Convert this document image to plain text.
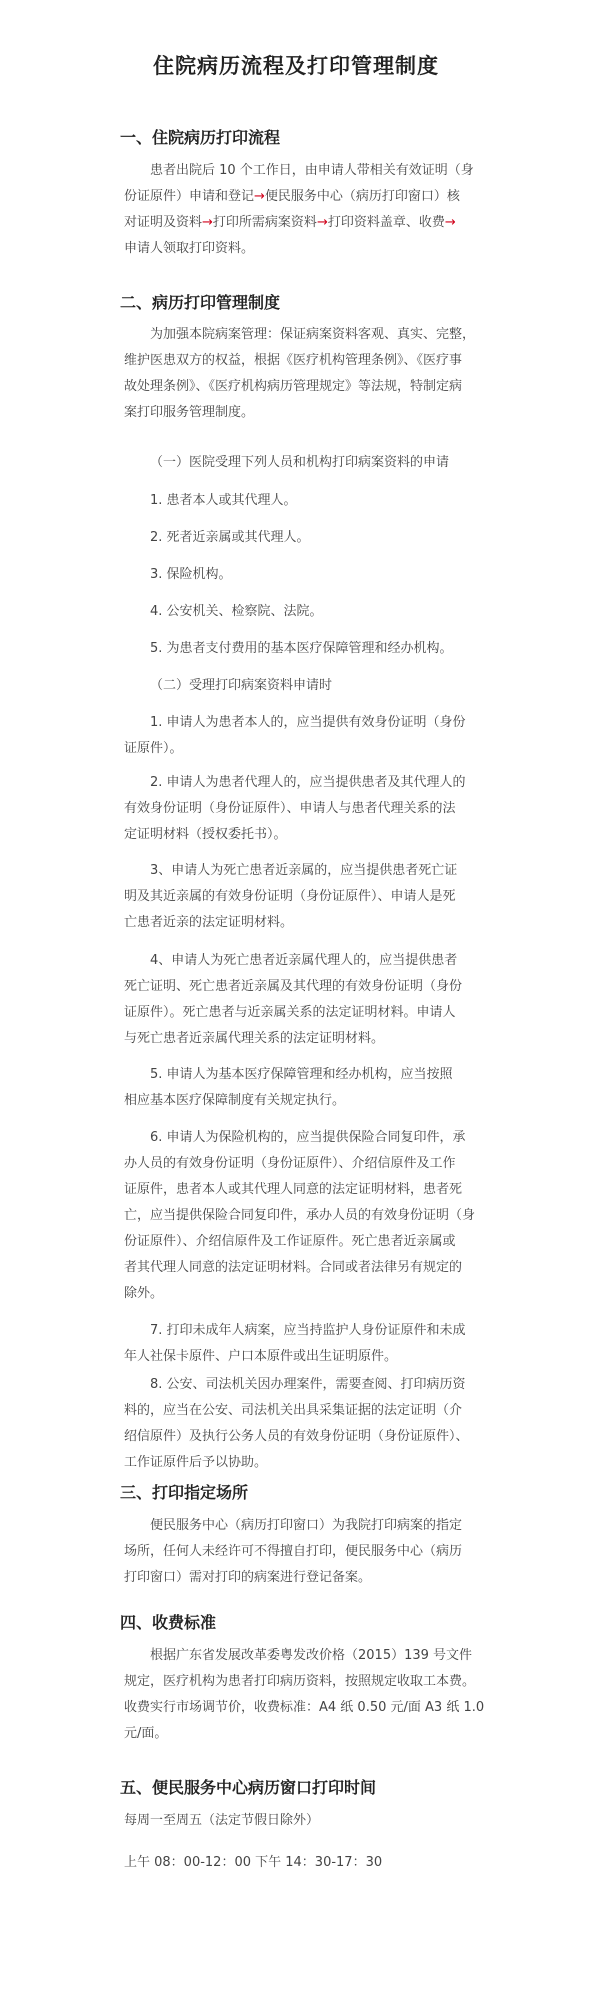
住院病历流程及打印管理制度
一、住院病历打印流程
患者出院后 10 个工作日，由申请人带相关有效证明（身
份证原件）申请和登记→便民服务中心（病历打印窗口）核
对证明及资料→打印所需病案资料→打印资料盖章、收费→
申请人领取打印资料。
二、病历打印管理制度
为加强本院病案管理：保证病案资料客观、真实、完整，
维护医患双方的权益，根据《医疗机构管理条例》、《医疗事
故处理条例》、《医疗机构病历管理规定》等法规，特制定病
案打印服务管理制度。
（一）医院受理下列人员和机构打印病案资料的申请
1. 患者本人或其代理人。
2. 死者近亲属或其代理人。
3. 保险机构。
4. 公安机关、检察院、法院。
5. 为患者支付费用的基本医疗保障管理和经办机构。
（二）受理打印病案资料申请时
1. 申请人为患者本人的，应当提供有效身份证明（身份
证原件）。
2. 申请人为患者代理人的，应当提供患者及其代理人的
有效身份证明（身份证原件）、申请人与患者代理关系的法
定证明材料（授权委托书）。
3、申请人为死亡患者近亲属的，应当提供患者死亡证
明及其近亲属的有效身份证明（身份证原件）、申请人是死
亡患者近亲的法定证明材料。
4、申请人为死亡患者近亲属代理人的，应当提供患者
死亡证明、死亡患者近亲属及其代理的有效身份证明（身份
证原件）。死亡患者与近亲属关系的法定证明材料。申请人
与死亡患者近亲属代理关系的法定证明材料。
5. 申请人为基本医疗保障管理和经办机构，应当按照
相应基本医疗保障制度有关规定执行。
6. 申请人为保险机构的，应当提供保险合同复印件，承
办人员的有效身份证明（身份证原件）、介绍信原件及工作
证原件，患者本人或其代理人同意的法定证明材料，患者死
亡，应当提供保险合同复印件，承办人员的有效身份证明（身
份证原件）、介绍信原件及工作证原件。死亡患者近亲属或
者其代理人同意的法定证明材料。合同或者法律另有规定的
除外。
7. 打印未成年人病案，应当持监护人身份证原件和未成
年人社保卡原件、户口本原件或出生证明原件。
8. 公安、司法机关因办理案件，需要查阅、打印病历资
料的，应当在公安、司法机关出具采集证据的法定证明（介
绍信原件）及执行公务人员的有效身份证明（身份证原件）、
工作证原件后予以协助。
三、打印指定场所
便民服务中心（病历打印窗口）为我院打印病案的指定
场所，任何人未经许可不得擅自打印，便民服务中心（病历
打印窗口）需对打印的病案进行登记备案。
四、收费标准
根据广东省发展改革委粤发改价格（2015）139 号文件
规定，医疗机构为患者打印病历资料，按照规定收取工本费。
收费实行市场调节价，收费标准：A4 纸 0.50 元/面 A3 纸 1.0
元/面。
五、便民服务中心病历窗口打印时间
每周一至周五（法定节假日除外）
上午 08：00-12：00 下午 14：30-17：30
